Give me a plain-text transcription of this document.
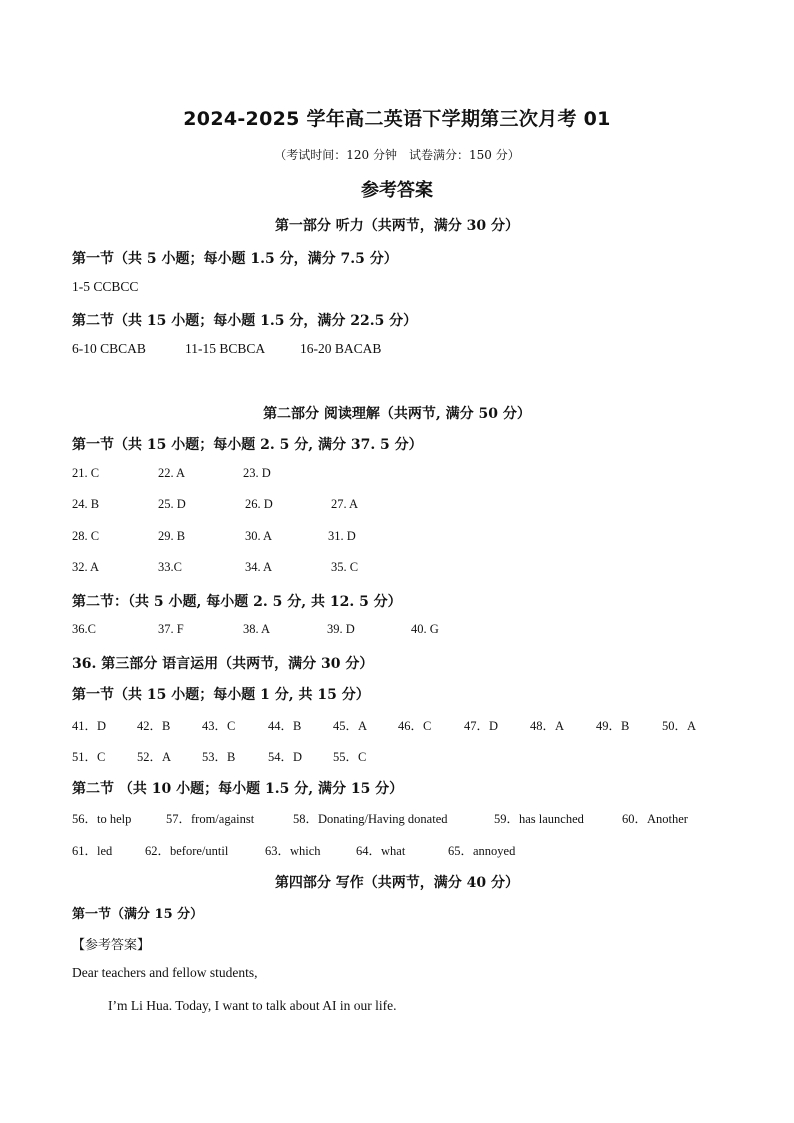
2024-2025 学年高二英语下学期第三次月考 01
（考试时间：120 分钟　试卷满分：150 分）
参考答案
第一部分 听力（共两节，满分 30 分）
第一节（共 5 小题；每小题 1.5 分，满分 7.5 分）
1-5 CCBCC
第二节（共 15 小题；每小题 1.5 分，满分 22.5 分）
6-10 CBCAB	11-15 BCBCA	16-20 BACAB
第二部分 阅读理解（共两节, 满分 50 分）
第一节（共 15 小题；每小题 2. 5 分, 满分 37. 5 分）
21. C	22. A	23. D
24. B	25. D	26. D	27. A
28. C	29. B	30. A	31. D
32. A	33.C	34. A	35. C
第二节：（共 5 小题, 每小题 2. 5 分, 共 12. 5 分）
36.C	37. F	38. A	39. D	40. G
36. 第三部分 语言运用（共两节，满分 30 分）
第一节（共 15 小题；每小题 1 分, 共 15 分）
41．D 42．B	43．C	44．B	45．A 46．C	47．D	48．A	49．B	50．A
51．C	52．A 53．B	54．D 55．C
第二节 （共 10 小题；每小题 1.5 分, 满分 15 分）
56．to help	57．from/against	58．Donating/Having donated	59．has launched	60．Another
61．led	62．before/until	63．which	64．what	65．annoyed
第四部分 写作（共两节，满分 40 分）
第一节（满分 15 分）
【参考答案】
Dear teachers and fellow students,
I’m Li Hua. Today, I want to talk about AI in our life.
